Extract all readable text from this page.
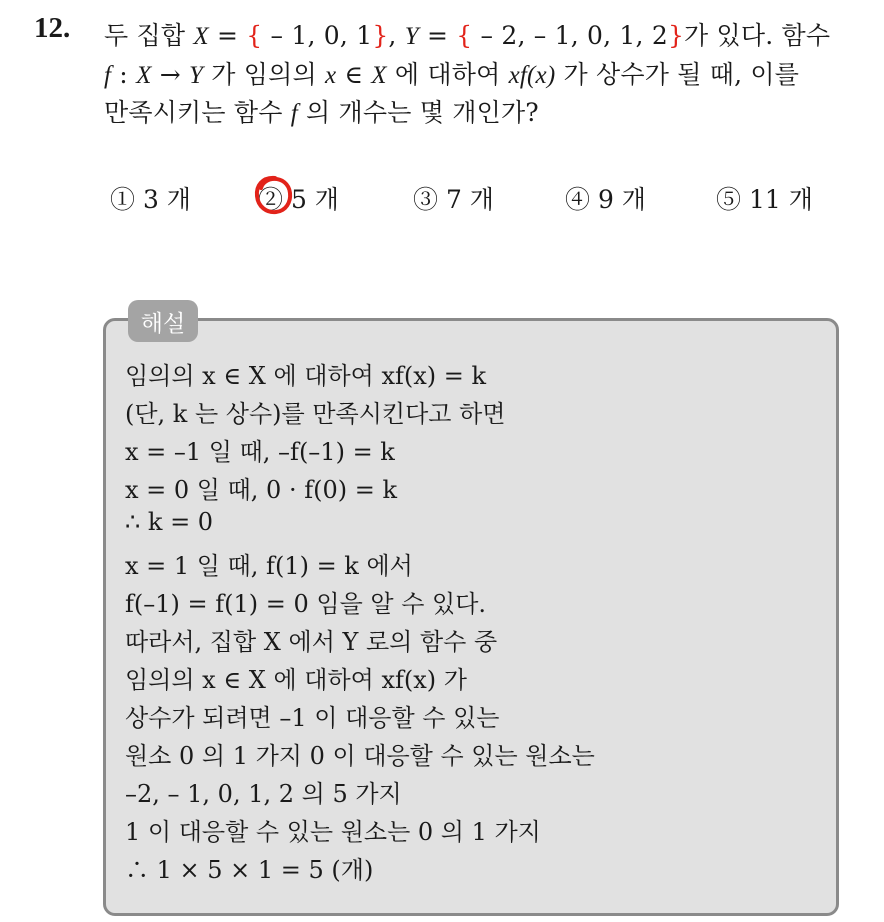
12. 두 집합 X = { – 1, 0, 1}, Y = { – 2, – 1, 0, 1, 2}가 있다. 함수
f : X → Y 가 임의의 x ∈ X 에 대하여 xf(x) 가 상수가 될 때, 이를
만족시키는 함수 f 의 개수는 몇 개인가?
① 3 개	② 5 개	③ 7 개	④ 9 개	⑤ 11 개
해설
임의의 x ∈ X 에 대하여 xf(x) = k
(단, k 는 상수)를 만족시킨다고 하면
x = –1 일 때, –f(–1) = k
x = 0 일 때, 0 · f(0) = k
∴ k = 0
x = 1 일 때, f(1) = k 에서
f(–1) = f(1) = 0 임을 알 수 있다.
따라서, 집합 X 에서 Y 로의 함수 중
임의의 x ∈ X 에 대하여 xf(x) 가
상수가 되려면 –1 이 대응할 수 있는
원소 0 의 1 가지 0 이 대응할 수 있는 원소는
–2, – 1, 0, 1, 2 의 5 가지
1 이 대응할 수 있는 원소는 0 의 1 가지
∴ 1 × 5 × 1 = 5 (개)
